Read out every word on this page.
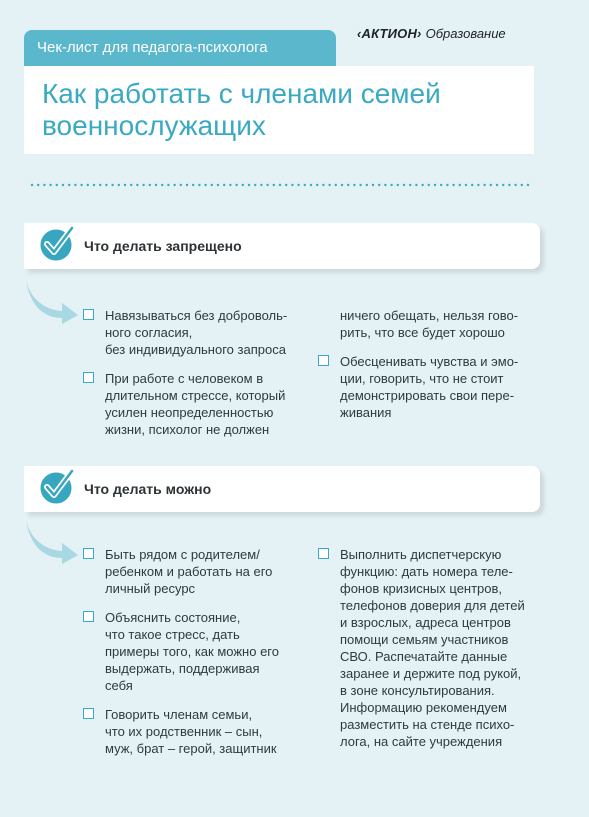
Чек-лист для педагога-психолога
‹АКТИОН› Образование
Как работать с членами семей военнослужащих
Что делать запрещено
Навязываться без доброволь-
ного согласия,
без индивидуального запроса
При работе с человеком в
длительном стрессе, который
усилен неопределенностью
жизни, психолог не должен
ничего обещать, нельзя гово-
рить, что все будет хорошо
Обесценивать чувства и эмо-
ции, говорить, что не стоит
демонстрировать свои пере-
живания
Что делать можно
Быть рядом с родителем/
ребенком и работать на его
личный ресурс
Объяснить состояние,
что такое стресс, дать
примеры того, как можно его
выдержать, поддерживая
себя
Говорить членам семьи,
что их родственник – сын,
муж, брат – герой, защитник
Выполнить диспетчерскую
функцию: дать номера теле-
фонов кризисных центров,
телефонов доверия для детей
и взрослых, адреса центров
помощи семьям участников
СВО. Распечатайте данные
заранее и держите под рукой,
в зоне консультирования.
Информацию рекомендуем
разместить на стенде психо-
лога, на сайте учреждения
